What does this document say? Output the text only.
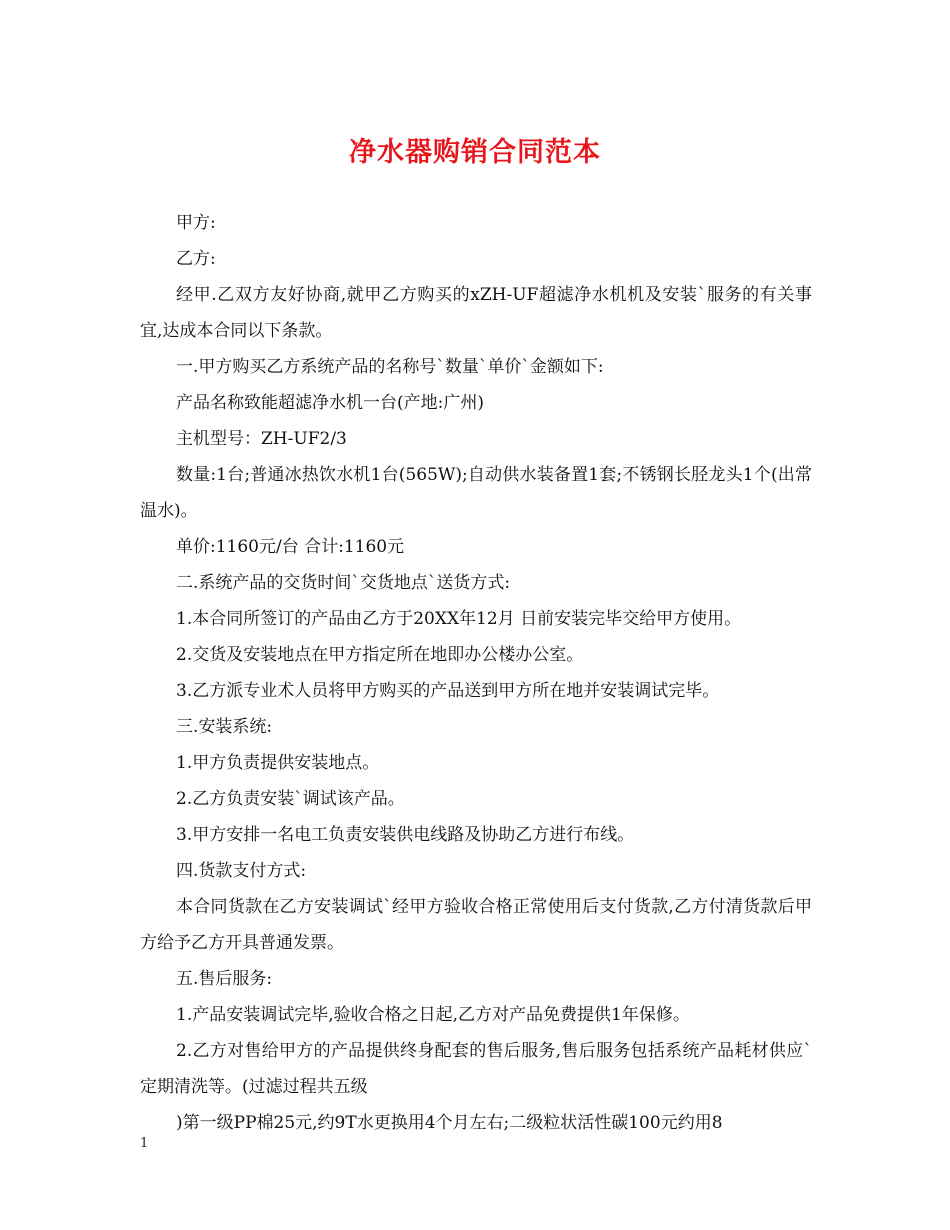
净水器购销合同范本

甲方:

乙方:

经甲.乙双方友好协商,就甲乙方购买的xZH-UF超滤净水机机及安装`服务的有关事宜,达成本合同以下条款。

一.甲方购买乙方系统产品的名称号`数量`单价`金额如下:

产品名称致能超滤净水机一台(产地:广州)

主机型号：ZH-UF2/3

数量:1台;普通冰热饮水机1台(565W);自动供水装备置1套;不锈钢长胫龙头1个(出常温水)。

单价:1160元/台 合计:1160元

二.系统产品的交货时间`交货地点`送货方式:

1.本合同所签订的产品由乙方于20XX年12月 日前安装完毕交给甲方使用。

2.交货及安装地点在甲方指定所在地即办公楼办公室。

3.乙方派专业术人员将甲方购买的产品送到甲方所在地并安装调试完毕。

三.安装系统:

1.甲方负责提供安装地点。

2.乙方负责安装`调试该产品。

3.甲方安排一名电工负责安装供电线路及协助乙方进行布线。

四.货款支付方式:

本合同货款在乙方安装调试`经甲方验收合格正常使用后支付货款,乙方付清货款后甲方给予乙方开具普通发票。

五.售后服务:

1.产品安装调试完毕,验收合格之日起,乙方对产品免费提供1年保修。

2.乙方对售给甲方的产品提供终身配套的售后服务,售后服务包括系统产品耗材供应`定期清洗等。(过滤过程共五级

)第一级PP棉25元,约9T水更换用4个月左右;二级粒状活性碳100元约用8

1
